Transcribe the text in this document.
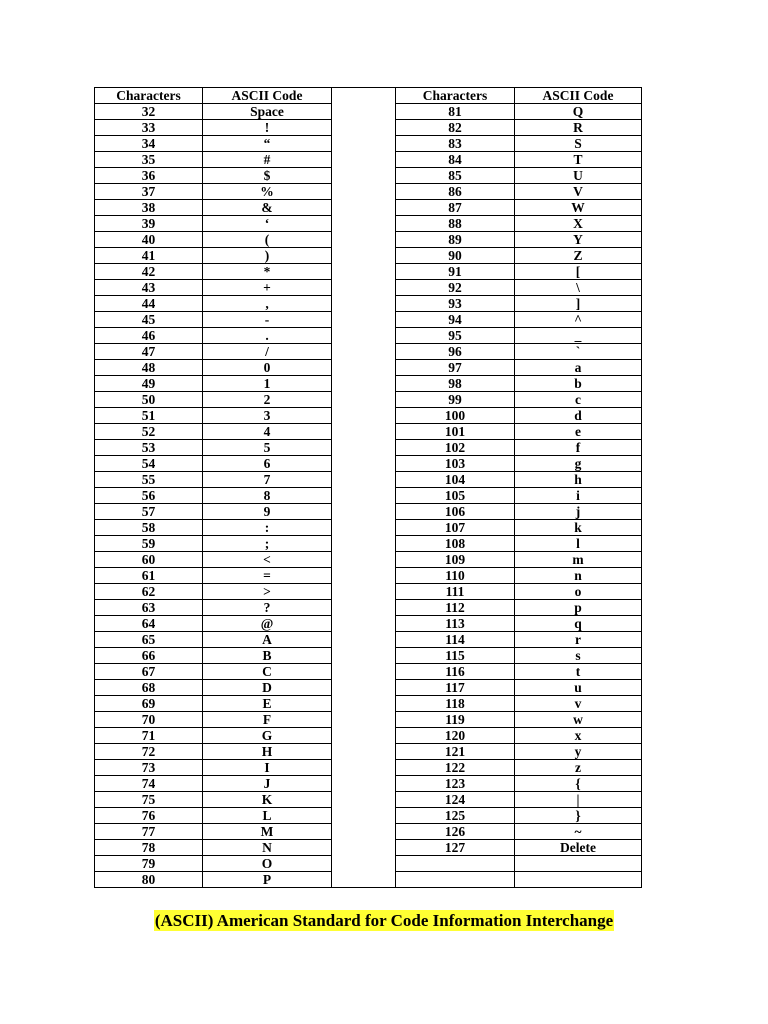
Characters	ASCII Code		Characters	ASCII Code
32	Space		81	Q
33	!		82	R
34	“		83	S
35	#		84	T
36	$		85	U
37	%		86	V
38	&		87	W
39	‘		88	X
40	(		89	Y
41	)		90	Z
42	*		91	[
43	+		92	\
44	,		93	]
45	-		94	^
46	.		95	_
47	/		96	`
48	0		97	a
49	1		98	b
50	2		99	c
51	3		100	d
52	4		101	e
53	5		102	f
54	6		103	g
55	7		104	h
56	8		105	i
57	9		106	j
58	:		107	k
59	;		108	l
60	<		109	m
61	=		110	n
62	>		111	o
63	?		112	p
64	@		113	q
65	A		114	r
66	B		115	s
67	C		116	t
68	D		117	u
69	E		118	v
70	F		119	w
71	G		120	x
72	H		121	y
73	I		122	z
74	J		123	{
75	K		124	|
76	L		125	}
77	M		126	~
78	N		127	Delete
79	O			
80	P			
(ASCII) American Standard for Code Information Interchange
